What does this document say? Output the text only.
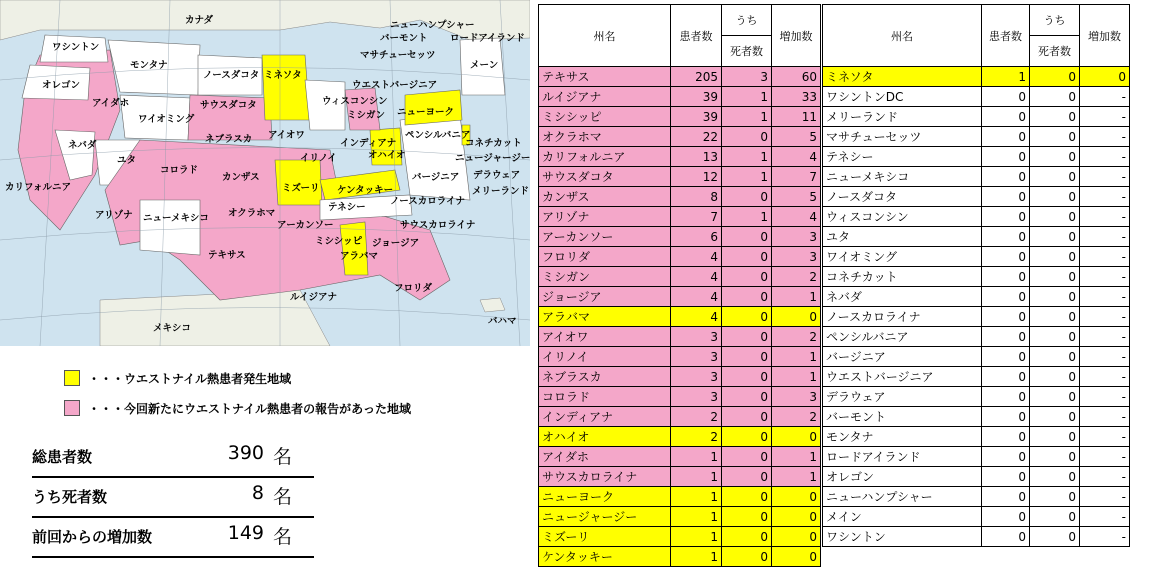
カナダ
ワシントン
モンタナ
オレゴン
アイダホ
ワイオミング
ノースダコタ ミネソタ
サウスダコタ
ネバダ
ユタ
ネブラスカ アイオワ
コロラド
カンザス
カリフォルニア
アリゾナ ニューメキシコ オクラホマ
テキサス
メキシコ
ミズーリ
イリノイ
アーカンソー
ルイジアナ
ミシシッピ
アラバマ
ジョージア
フロリダ
バハマ
テネシー
ケンタッキー
インディアナ
オハイオ
ウィスコンシン
ミシガン
ウエストバージニア
バージニア
ノースカロライナ
サウスカロライナ
ペンシルバニア
ニューヨーク
ニューハンプシャー
バーモント
マサチューセッツ
ロードアイランド
メーン
コネチカット
ニュージャージー
デラウェア
メリーランド
・・・ウエストナイル熱患者発生地域
・・・今回新たにウエストナイル熱患者の報告があった地域
総患者数	390 名
うち死者数	8 名
前回からの増加数	149 名
州名	患者数	うち
死者数	増加数
テキサス	205	3	60
ルイジアナ	39	1	33
ミシシッピ	39	1	11
オクラホマ	22	0	5
カリフォルニア	13	1	4
サウスダコタ	12	1	7
カンザス	8	0	5
アリゾナ	7	1	4
アーカンソー	6	0	3
フロリダ	4	0	3
ミシガン	4	0	2
ジョージア	4	0	1
アラバマ	4	0	0
アイオワ	3	0	2
イリノイ	3	0	1
ネブラスカ	3	0	1
コロラド	3	0	3
インディアナ	2	0	2
オハイオ	2	0	0
アイダホ	1	0	1
サウスカロライナ	1	0	1
ニューヨーク	1	0	0
ニュージャージー	1	0	0
ミズーリ	1	0	0
ケンタッキー	1	0	0
州名	患者数	うち
死者数	増加数
ミネソタ	1	0	0
ワシントンDC	0	0	-
メリーランド	0	0	-
マサチューセッツ	0	0	-
テネシー	0	0	-
ニューメキシコ	0	0	-
ノースダコタ	0	0	-
ウィスコンシン	0	0	-
ユタ	0	0	-
ワイオミング	0	0	-
コネチカット	0	0	-
ネバダ	0	0	-
ノースカロライナ	0	0	-
ペンシルバニア	0	0	-
バージニア	0	0	-
ウエストバージニア	0	0	-
デラウェア	0	0	-
バーモント	0	0	-
モンタナ	0	0	-
ロードアイランド	0	0	-
オレゴン	0	0	-
ニューハンプシャー	0	0	-
メイン	0	0	-
ワシントン	0	0	-
